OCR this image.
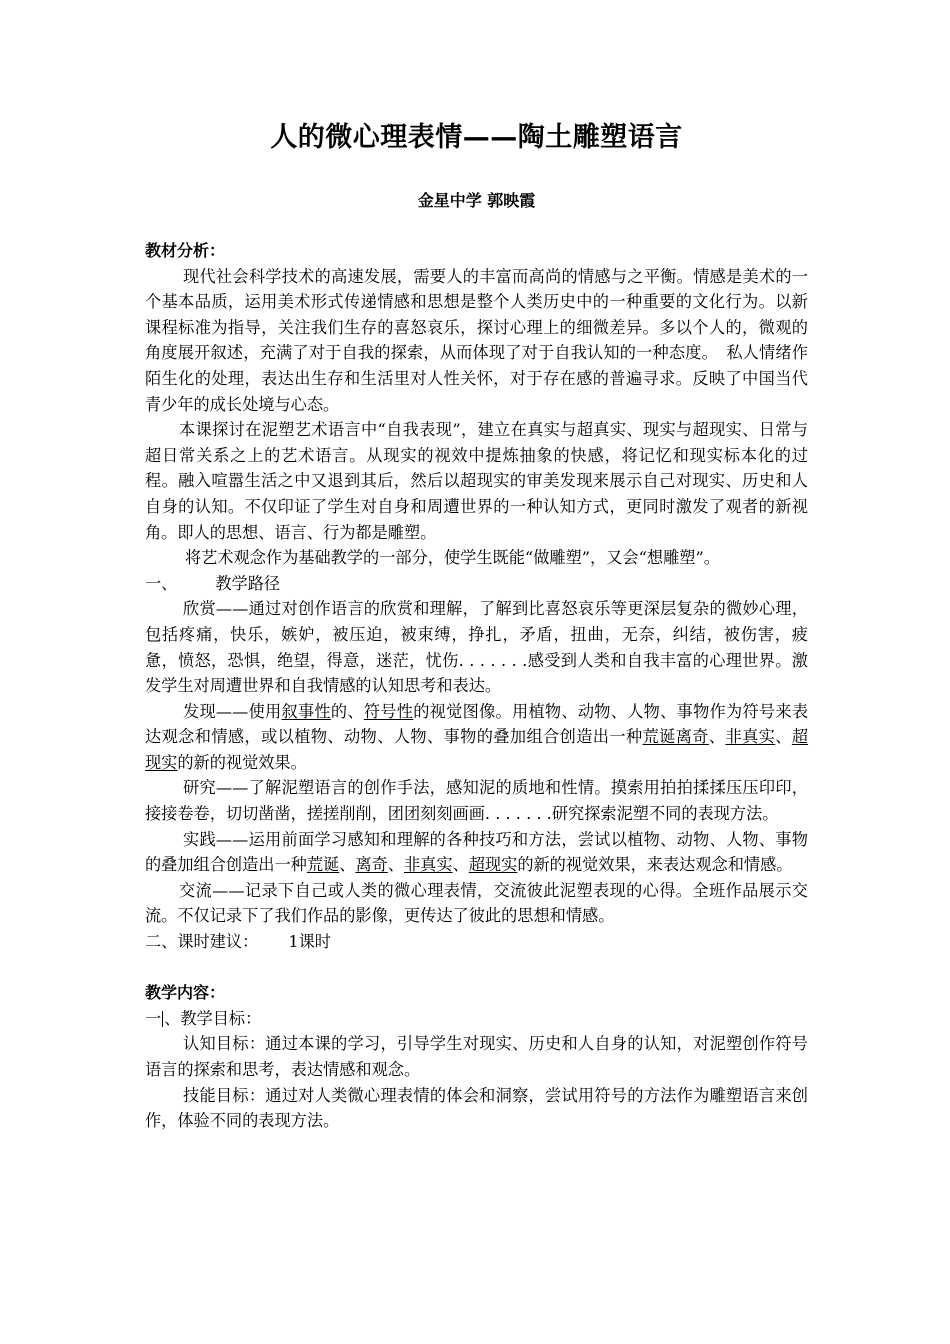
人的微心理表情——陶土雕塑语言
金星中学 郭映霞

教材分析：

现代社会科学技术的高速发展，需要人的丰富而高尚的情感与之平衡。情感是美术的一个基本品质，运用美术形式传递情感和思想是整个人类历史中的一种重要的文化行为。以新课程标准为指导，关注我们生存的喜怒哀乐，探讨心理上的细微差异。多以个人的，微观的角度展开叙述，充满了对于自我的探索，从而体现了对于自我认知的一种态度。　私人情绪作陌生化的处理，表达出生存和生活里对人性关怀，对于存在感的普遍寻求。反映了中国当代青少年的成长处境与心态。

本课探讨在泥塑艺术语言中“自我表现”，建立在真实与超真实、现实与超现实、日常与超日常关系之上的艺术语言。从现实的视效中提炼抽象的快感，将记忆和现实标本化的过程。融入喧嚣生活之中又退到其后，然后以超现实的审美发现来展示自己对现实、历史和人自身的认知。不仅印证了学生对自身和周遭世界的一种认知方式，更同时激发了观者的新视角。即人的思想、语言、行为都是雕塑。

将艺术观念作为基础教学的一部分，使学生既能“做雕塑”，又会“想雕塑”。

一、 教学路径

欣赏——通过对创作语言的欣赏和理解，了解到比喜怒哀乐等更深层复杂的微妙心理，包括疼痛，快乐，嫉妒，被压迫，被束缚，挣扎，矛盾，扭曲，无奈，纠结，被伤害，疲惫，愤怒，恐惧，绝望，得意，迷茫，忧伤. . . . . . .感受到人类和自我丰富的心理世界。激发学生对周遭世界和自我情感的认知思考和表达。

发现——使用叙事性的、符号性的视觉图像。用植物、动物、人物、事物作为符号来表达观念和情感，或以植物、动物、人物、事物的叠加组合创造出一种荒诞离奇、非真实、超现实的新的视觉效果。

研究——了解泥塑语言的创作手法，感知泥的质地和性情。摸索用拍拍揉揉压压印印，接接卷卷，切切凿凿，搓搓削削，团团刻刻画画. . . . . . .研究探索泥塑不同的表现方法。

实践——运用前面学习感知和理解的各种技巧和方法，尝试以植物、动物、人物、事物的叠加组合创造出一种荒诞、离奇、非真实、超现实的新的视觉效果，来表达观念和情感。

交流——记录下自己或人类的微心理表情，交流彼此泥塑表现的心得。全班作品展示交流。不仅记录下了我们作品的影像，更传达了彼此的思想和情感。

二、课时建议： 1课时

教学内容：

一 、教学目标：

认知目标：通过本课的学习，引导学生对现实、历史和人自身的认知，对泥塑创作符号语言的探索和思考，表达情感和观念。

技能目标：通过对人类微心理表情的体会和洞察，尝试用符号的方法作为雕塑语言来创作，体验不同的表现方法。
